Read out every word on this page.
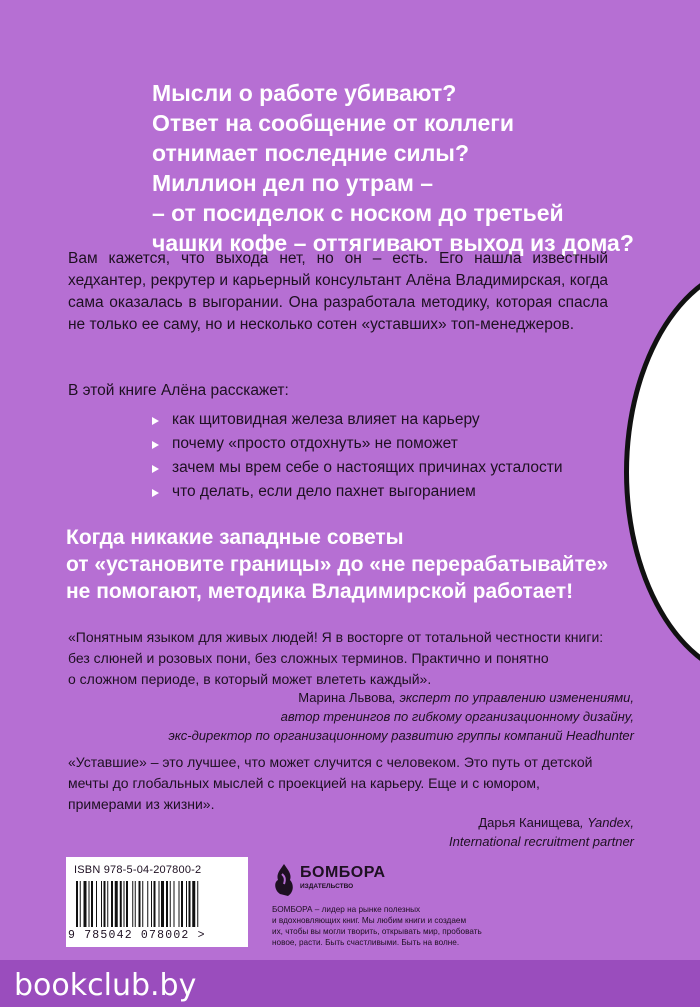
Мысли о работе убивают?
Ответ на сообщение от коллеги
отнимает последние силы?
Миллион дел по утрам –
– от посиделок с носком до третьей
чашки кофе – оттягивают выход из дома?
Вам кажется, что выхода нет, но он – есть. Его нашла известный хедхантер, рекрутер и карьерный консультант Алёна Владимирская, когда сама оказалась в выгорании. Она разработала методику, которая спасла не только ее саму, но и несколько сотен «уставших» топ-менеджеров.
В этой книге Алёна расскажет:
как щитовидная железа влияет на карьеру
почему «просто отдохнуть» не поможет
зачем мы врем себе о настоящих причинах усталости
что делать, если дело пахнет выгоранием
Когда никакие западные советы
от «установите границы» до «не перерабатывайте»
не помогают, методика Владимирской работает!
«Понятным языком для живых людей! Я в восторге от тотальной честности книги:
без слюней и розовых пони, без сложных терминов. Практично и понятно
о сложном периоде, в который может влететь каждый».
Марина Львова, эксперт по управлению изменениями,
автор тренингов по гибкому организационному дизайну,
экс-директор по организационному развитию группы компаний Headhunter
«Уставшие» – это лучшее, что может случится с человеком. Это путь от детской
мечты до глобальных мыслей с проекцией на карьеру. Еще и с юмором,
примерами из жизни».
Дарья Канищева, Yandex,
International recruitment partner
ISBN 978-5-04-207800-2
9 785042 078002 >
БОМБОРА
ИЗДАТЕЛЬСТВО
БОМБОРА – лидер на рынке полезных
и вдохновляющих книг. Мы любим книги и создаем
их, чтобы вы могли творить, открывать мир, пробовать
новое, расти. Быть счастливыми. Быть на волне.
bookclub.by
